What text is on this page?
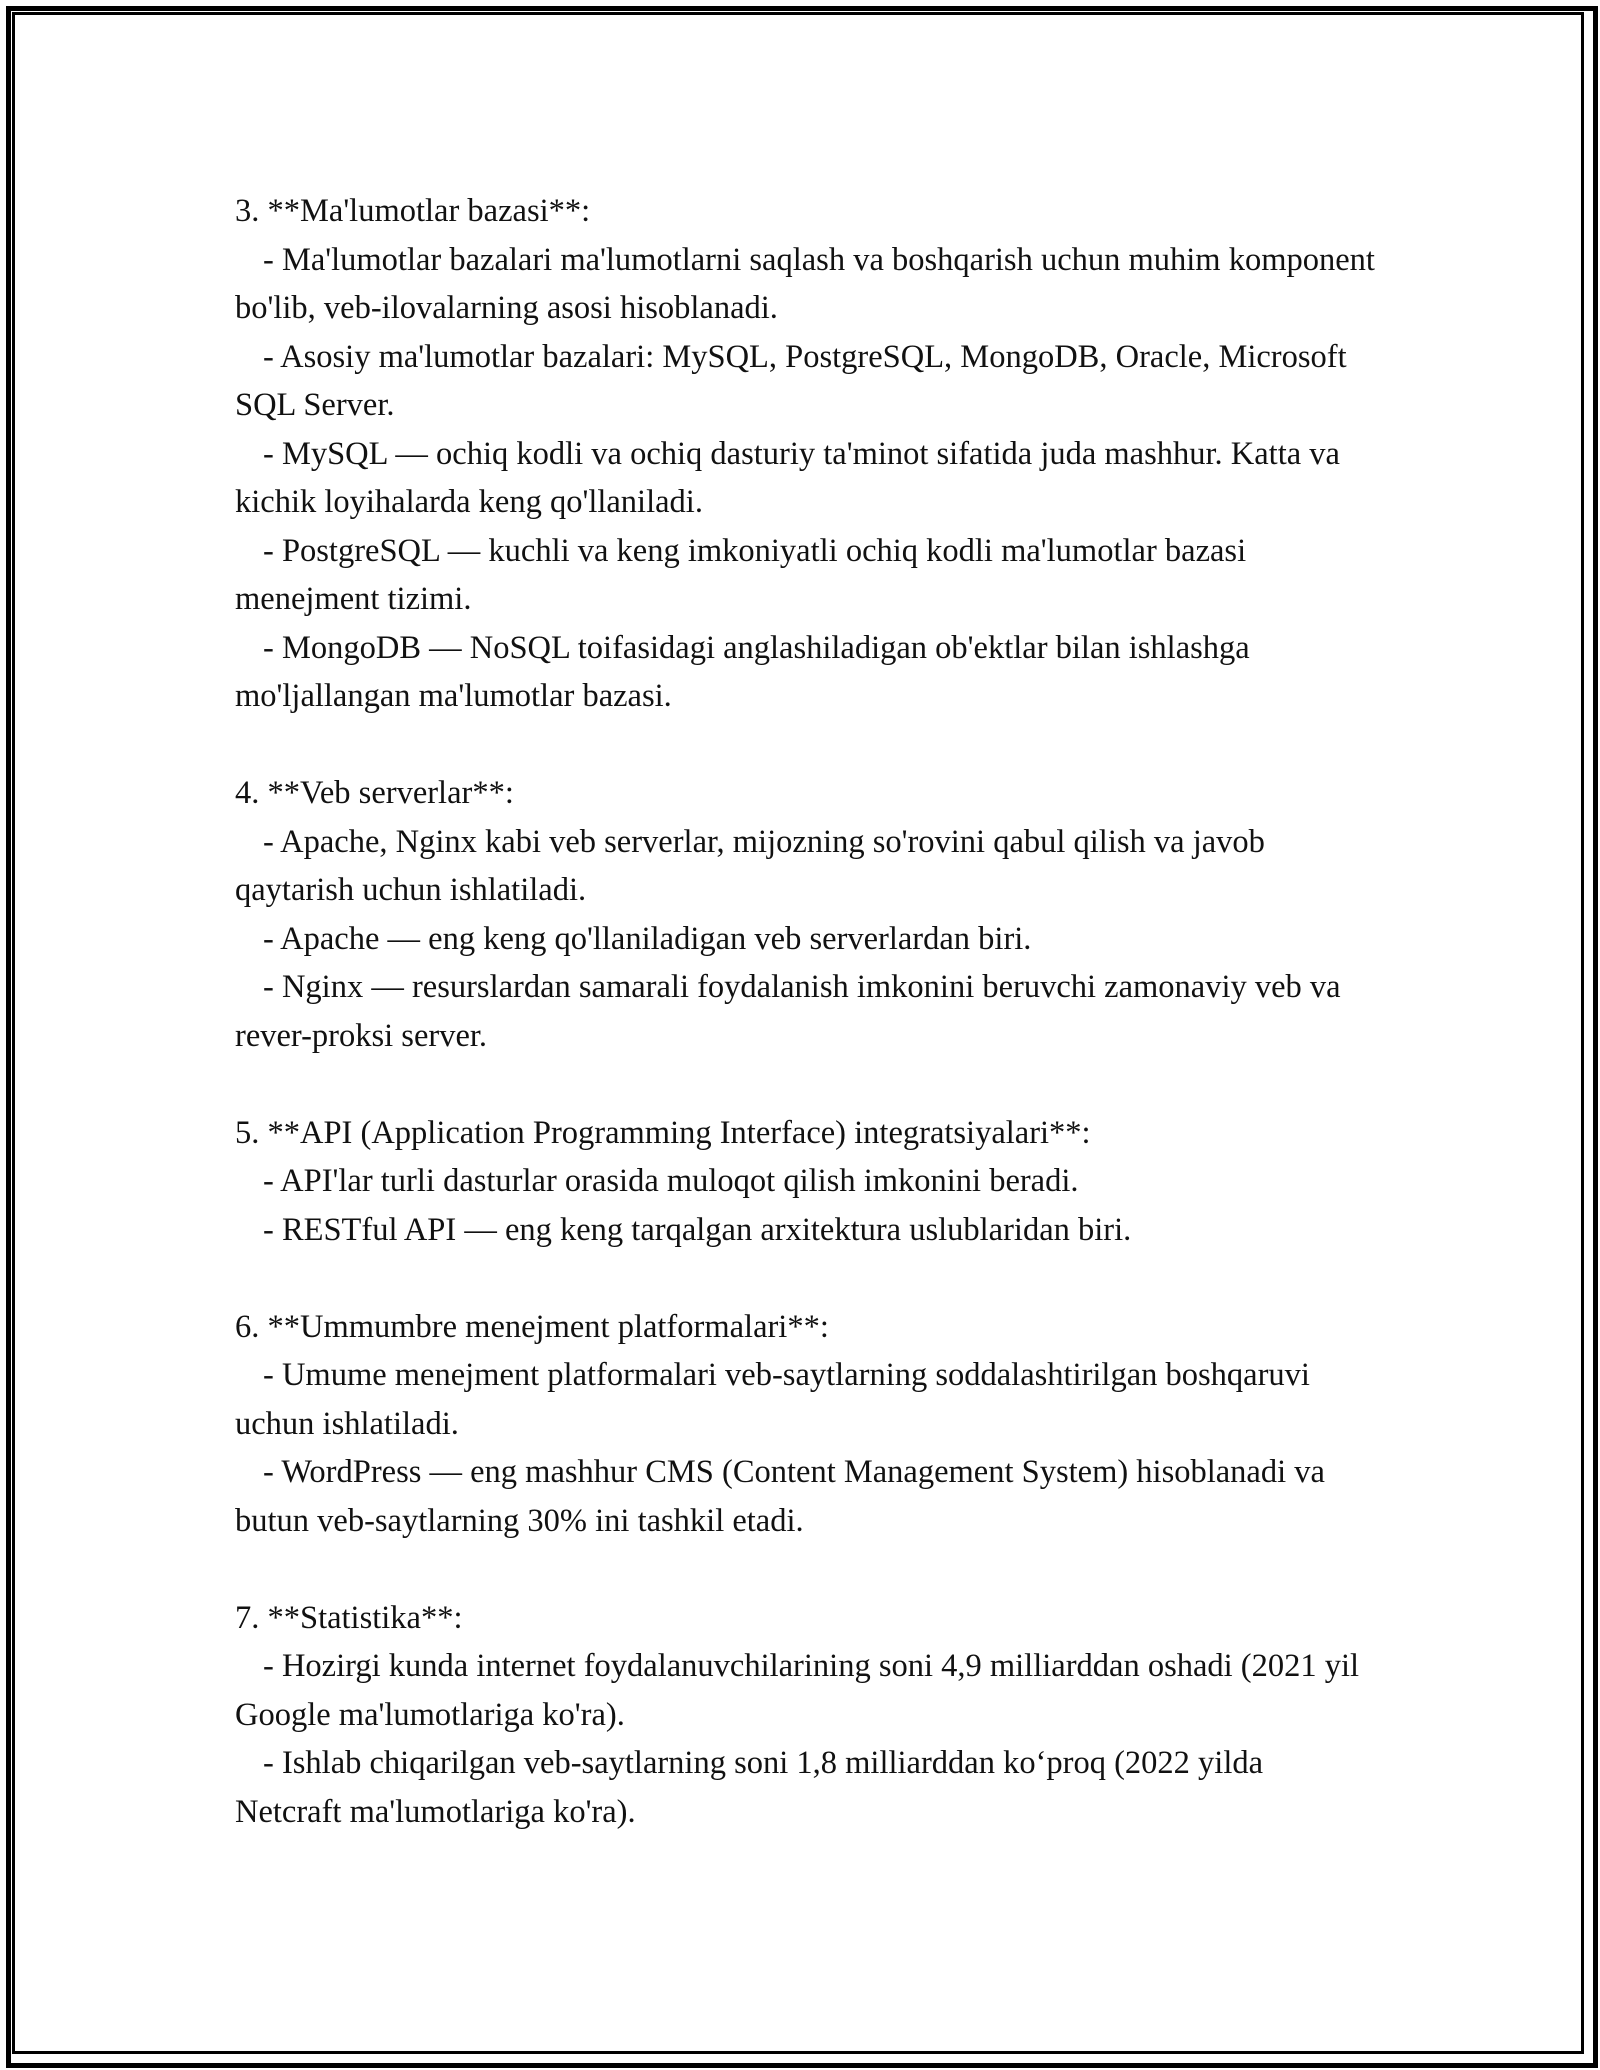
3. **Ma'lumotlar bazasi**:

- Ma'lumotlar bazalari ma'lumotlarni saqlash va boshqarish uchun muhim komponent bo'lib, veb-ilovalarning asosi hisoblanadi.

- Asosiy ma'lumotlar bazalari: MySQL, PostgreSQL, MongoDB, Oracle, Microsoft SQL Server.

- MySQL — ochiq kodli va ochiq dasturiy ta'minot sifatida juda mashhur. Katta va kichik loyihalarda keng qo'llaniladi.

- PostgreSQL — kuchli va keng imkoniyatli ochiq kodli ma'lumotlar bazasi menejment tizimi.

- MongoDB — NoSQL toifasidagi anglashiladigan ob'ektlar bilan ishlashga mo'ljallangan ma'lumotlar bazasi.

4. **Veb serverlar**:

- Apache, Nginx kabi veb serverlar, mijozning so'rovini qabul qilish va javob qaytarish uchun ishlatiladi.

- Apache — eng keng qo'llaniladigan veb serverlardan biri.

- Nginx — resurslardan samarali foydalanish imkonini beruvchi zamonaviy veb va rever-proksi server.

5. **API (Application Programming Interface) integratsiyalari**:

- API'lar turli dasturlar orasida muloqot qilish imkonini beradi.

- RESTful API — eng keng tarqalgan arxitektura uslublaridan biri.

6. **Ummumbre menejment platformalari**:

- Umume menejment platformalari veb-saytlarning soddalashtirilgan boshqaruvi uchun ishlatiladi.

- WordPress — eng mashhur CMS (Content Management System) hisoblanadi va butun veb-saytlarning 30% ini tashkil etadi.

7. **Statistika**:

- Hozirgi kunda internet foydalanuvchilarining soni 4,9 milliarddan oshadi (2021 yil Google ma'lumotlariga ko'ra).

- Ishlab chiqarilgan veb-saytlarning soni 1,8 milliarddan ko‘proq (2022 yilda Netcraft ma'lumotlariga ko'ra).
